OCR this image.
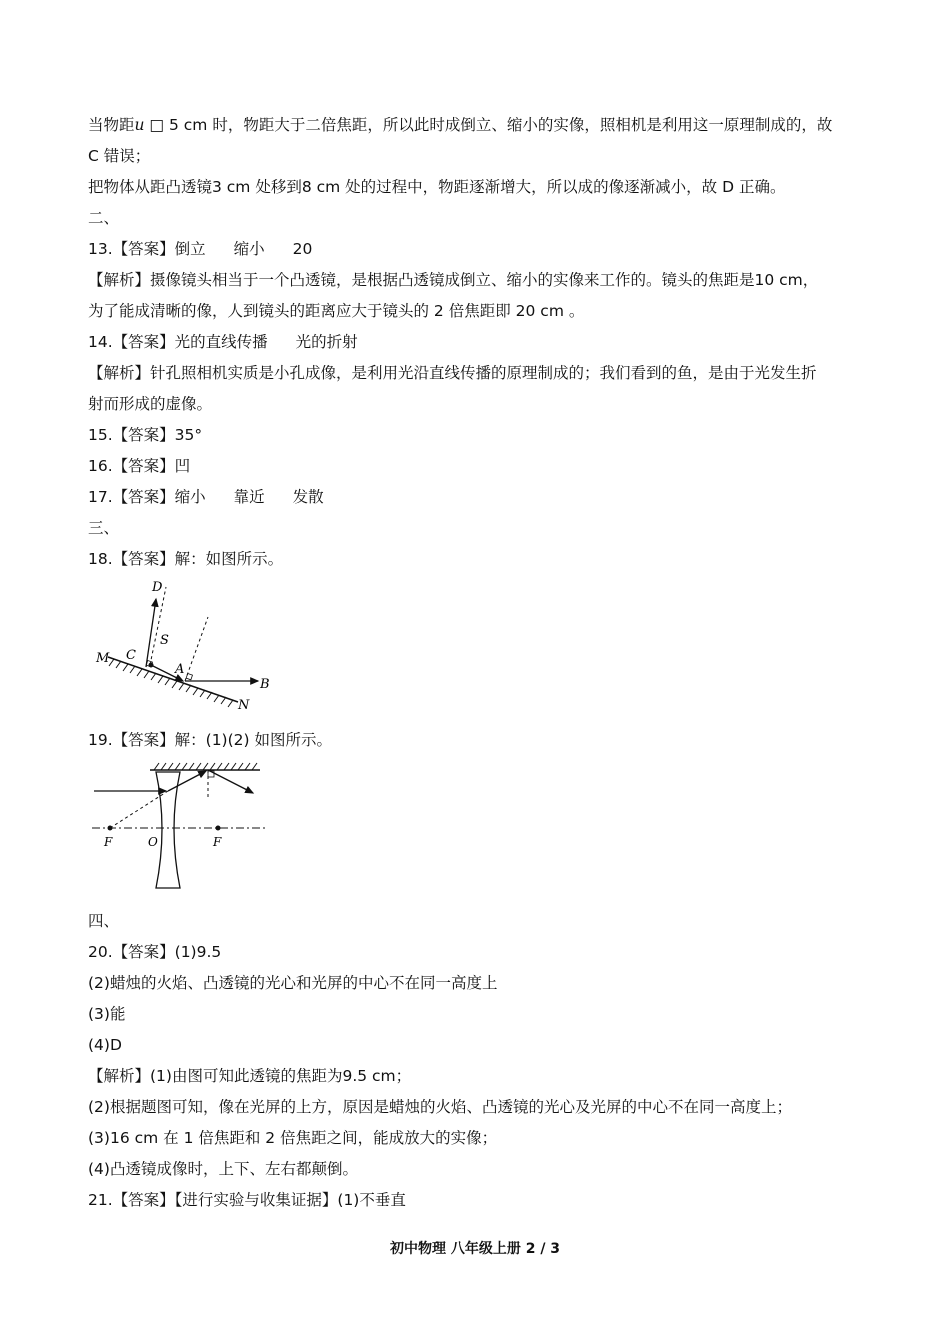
当物距u □ 5 cm 时，物距大于二倍焦距，所以此时成倒立、缩小的实像，照相机是利用这一原理制成的，故
C 错误；
把物体从距凸透镜3 cm 处移到8 cm 处的过程中，物距逐渐增大，所以成的像逐渐减小，故 D 正确。
二、
13.【答案】倒立 缩小 20
【解析】摄像镜头相当于一个凸透镜，是根据凸透镜成倒立、缩小的实像来工作的。镜头的焦距是10 cm，
为了能成清晰的像，人到镜头的距离应大于镜头的 2 倍焦距即 20 cm 。
14.【答案】光的直线传播 光的折射
【解析】针孔照相机实质是小孔成像，是利用光沿直线传播的原理制成的；我们看到的鱼，是由于光发生折
射而形成的虚像。
15.【答案】35°
16.【答案】凹
17.【答案】缩小 靠近 发散
三、
18.【答案】解：如图所示。
D
S
C
A
M
B
N
19.【答案】解：(1)(2) 如图所示。
F	O	F
四、
20.【答案】(1)9.5
(2)蜡烛的火焰、凸透镜的光心和光屏的中心不在同一高度上
(3)能
(4)D
【解析】(1)由图可知此透镜的焦距为9.5 cm；
(2)根据题图可知，像在光屏的上方，原因是蜡烛的火焰、凸透镜的光心及光屏的中心不在同一高度上；
(3)16 cm 在 1 倍焦距和 2 倍焦距之间，能成放大的实像；
(4)凸透镜成像时，上下、左右都颠倒。
21.【答案】【进行实验与收集证据】(1)不垂直
初中物理 八年级上册 2 / 3
